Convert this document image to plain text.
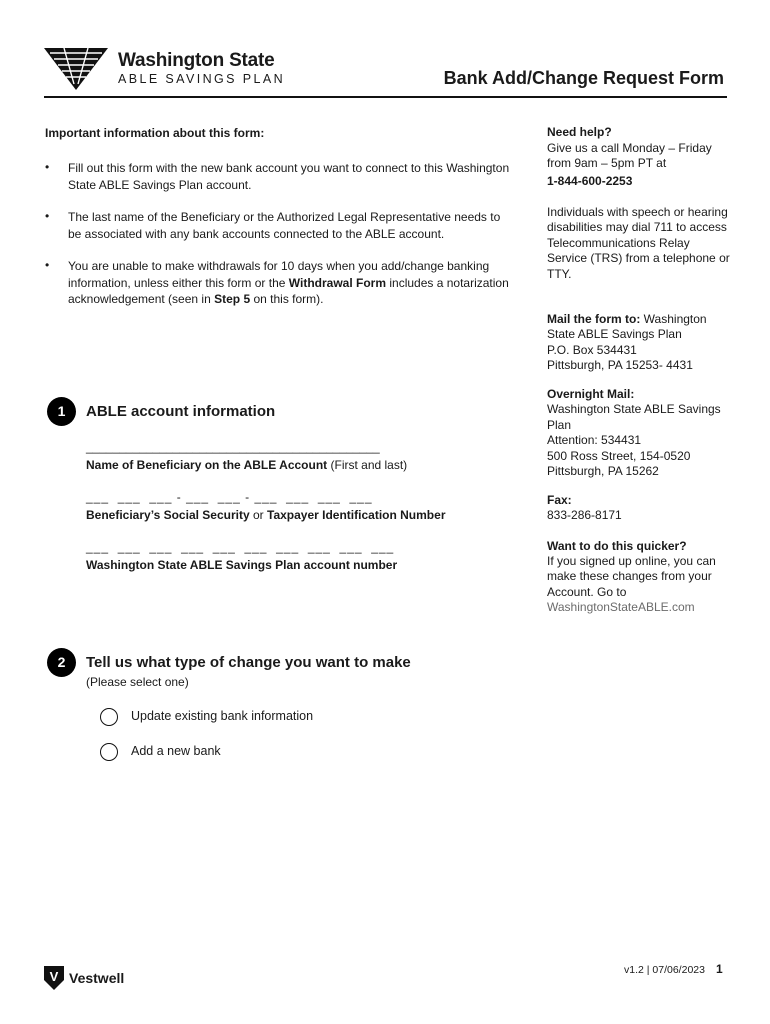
Washington State
ABLE SAVINGS PLAN	Bank Add/Change Request Form
Important information about this form:
• Fill out this form with the new bank account you want to connect to this Washington State ABLE Savings Plan account.
• The last name of the Beneficiary or the Authorized Legal Representative needs to be associated with any bank accounts connected to the ABLE account.
• You are unable to make withdrawals for 10 days when you add/change banking information, unless either this form or the Withdrawal Form includes a notarization acknowledgement (seen in Step 5 on this form).
1	ABLE account information
____________________________________________
Name of Beneficiary on the ABLE Account (First and last)
___  ___  ___ - ___  ___ - ___  ___  ___  ___
Beneficiary’s Social Security or Taxpayer Identification Number
___  ___  ___  ___  ___  ___  ___  ___  ___  ___
Washington State ABLE Savings Plan account number
2	Tell us what type of change you want to make
(Please select one)
Update existing bank information
Add a new bank
Need help?
Give us a call Monday – Friday from 9am – 5pm PT at
1-844-600-2253
Individuals with speech or hearing disabilities may dial 711 to access Telecommunications Relay Service (TRS) from a telephone or TTY.
Mail the form to: Washington State ABLE Savings Plan
P.O. Box 534431
Pittsburgh, PA 15253- 4431
Overnight Mail:
Washington State ABLE Savings Plan
Attention: 534431
500 Ross Street, 154-0520
Pittsburgh, PA 15262
Fax:
833-286-8171
Want to do this quicker?
If you signed up online, you can make these changes from your Account. Go to
WashingtonStateABLE.com
V Vestwell	v1.2 | 07/06/2023 1
